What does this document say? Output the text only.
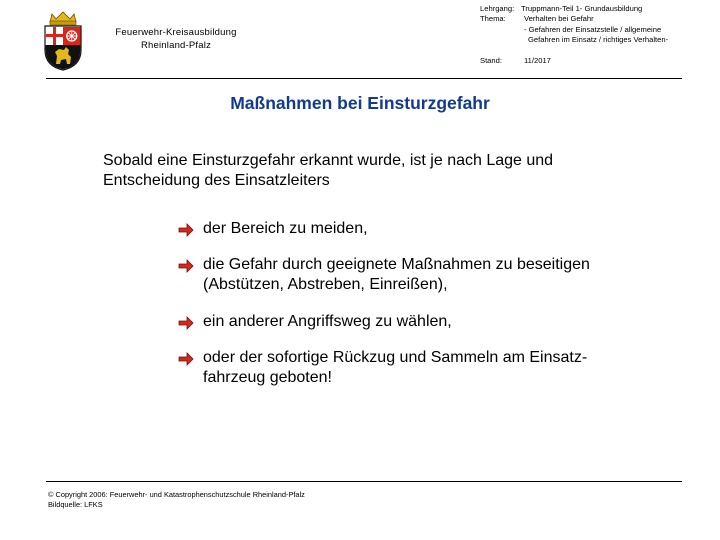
Feuerwehr-Kreisausbildung
Rheinland-Pfalz
Lehrgang: Truppmann-Teil 1- Grundausbildung
Thema: Verhalten bei Gefahr
- Gefahren der Einsatzstelle / allgemeine
Gefahren im Einsatz / richtiges Verhalten-
Stand:	11/2017
Maßnahmen bei Einsturzgefahr
Sobald eine Einsturzgefahr erkannt wurde, ist je nach Lage und
Entscheidung des Einsatzleiters
der Bereich zu meiden,
die Gefahr durch geeignete Maßnahmen zu beseitigen
(Abstützen, Abstreben, Einreißen),
ein anderer Angriffsweg zu wählen,
oder der sofortige Rückzug und Sammeln am Einsatz-
fahrzeug geboten!
© Copyright 2006: Feuerwehr- und Katastrophenschutzschule Rheinland-Pfalz
Bildquelle: LFKS
